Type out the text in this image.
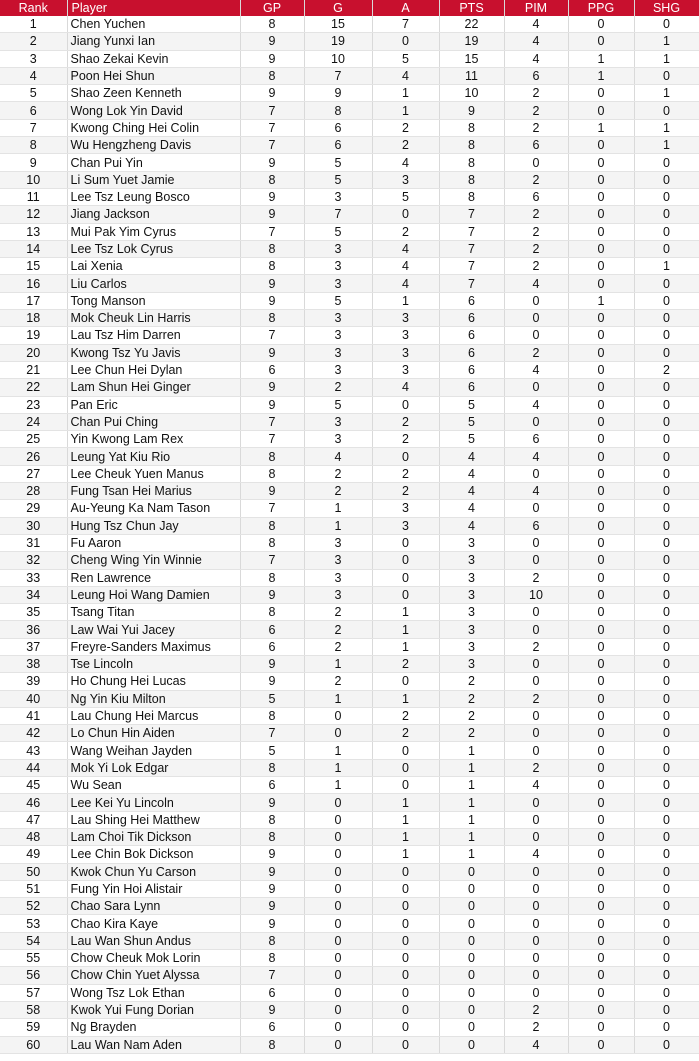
Rank	Player	GP	G	A	PTS	PIM	PPG	SHG
1	Chen Yuchen	8	15	7	22	4	0	0
2	Jiang Yunxi Ian	9	19	0	19	4	0	1
3	Shao Zekai Kevin	9	10	5	15	4	1	1
4	Poon Hei Shun	8	7	4	11	6	1	0
5	Shao Zeen Kenneth	9	9	1	10	2	0	1
6	Wong Lok Yin David	7	8	1	9	2	0	0
7	Kwong Ching Hei Colin	7	6	2	8	2	1	1
8	Wu Hengzheng Davis	7	6	2	8	6	0	1
9	Chan Pui Yin	9	5	4	8	0	0	0
10	Li Sum Yuet Jamie	8	5	3	8	2	0	0
11	Lee Tsz Leung Bosco	9	3	5	8	6	0	0
12	Jiang Jackson	9	7	0	7	2	0	0
13	Mui Pak Yim Cyrus	7	5	2	7	2	0	0
14	Lee Tsz Lok Cyrus	8	3	4	7	2	0	0
15	Lai Xenia	8	3	4	7	2	0	1
16	Liu Carlos	9	3	4	7	4	0	0
17	Tong Manson	9	5	1	6	0	1	0
18	Mok Cheuk Lin Harris	8	3	3	6	0	0	0
19	Lau Tsz Him Darren	7	3	3	6	0	0	0
20	Kwong Tsz Yu Javis	9	3	3	6	2	0	0
21	Lee Chun Hei Dylan	6	3	3	6	4	0	2
22	Lam Shun Hei Ginger	9	2	4	6	0	0	0
23	Pan Eric	9	5	0	5	4	0	0
24	Chan Pui Ching	7	3	2	5	0	0	0
25	Yin Kwong Lam Rex	7	3	2	5	6	0	0
26	Leung Yat Kiu Rio	8	4	0	4	4	0	0
27	Lee Cheuk Yuen Manus	8	2	2	4	0	0	0
28	Fung Tsan Hei Marius	9	2	2	4	4	0	0
29	Au-Yeung Ka Nam Tason	7	1	3	4	0	0	0
30	Hung Tsz Chun Jay	8	1	3	4	6	0	0
31	Fu Aaron	8	3	0	3	0	0	0
32	Cheng Wing Yin Winnie	7	3	0	3	0	0	0
33	Ren Lawrence	8	3	0	3	2	0	0
34	Leung Hoi Wang Damien	9	3	0	3	10	0	0
35	Tsang Titan	8	2	1	3	0	0	0
36	Law Wai Yui Jacey	6	2	1	3	0	0	0
37	Freyre-Sanders Maximus	6	2	1	3	2	0	0
38	Tse Lincoln	9	1	2	3	0	0	0
39	Ho Chung Hei Lucas	9	2	0	2	0	0	0
40	Ng Yin Kiu Milton	5	1	1	2	2	0	0
41	Lau Chung Hei Marcus	8	0	2	2	0	0	0
42	Lo Chun Hin Aiden	7	0	2	2	0	0	0
43	Wang Weihan Jayden	5	1	0	1	0	0	0
44	Mok Yi Lok Edgar	8	1	0	1	2	0	0
45	Wu Sean	6	1	0	1	4	0	0
46	Lee Kei Yu Lincoln	9	0	1	1	0	0	0
47	Lau Shing Hei Matthew	8	0	1	1	0	0	0
48	Lam Choi Tik Dickson	8	0	1	1	0	0	0
49	Lee Chin Bok Dickson	9	0	1	1	4	0	0
50	Kwok Chun Yu Carson	9	0	0	0	0	0	0
51	Fung Yin Hoi Alistair	9	0	0	0	0	0	0
52	Chao Sara Lynn	9	0	0	0	0	0	0
53	Chao Kira Kaye	9	0	0	0	0	0	0
54	Lau Wan Shun Andus	8	0	0	0	0	0	0
55	Chow Cheuk Mok Lorin	8	0	0	0	0	0	0
56	Chow Chin Yuet Alyssa	7	0	0	0	0	0	0
57	Wong Tsz Lok Ethan	6	0	0	0	0	0	0
58	Kwok Yui Fung Dorian	9	0	0	0	2	0	0
59	Ng Brayden	6	0	0	0	2	0	0
60	Lau Wan Nam Aden	8	0	0	0	4	0	0
